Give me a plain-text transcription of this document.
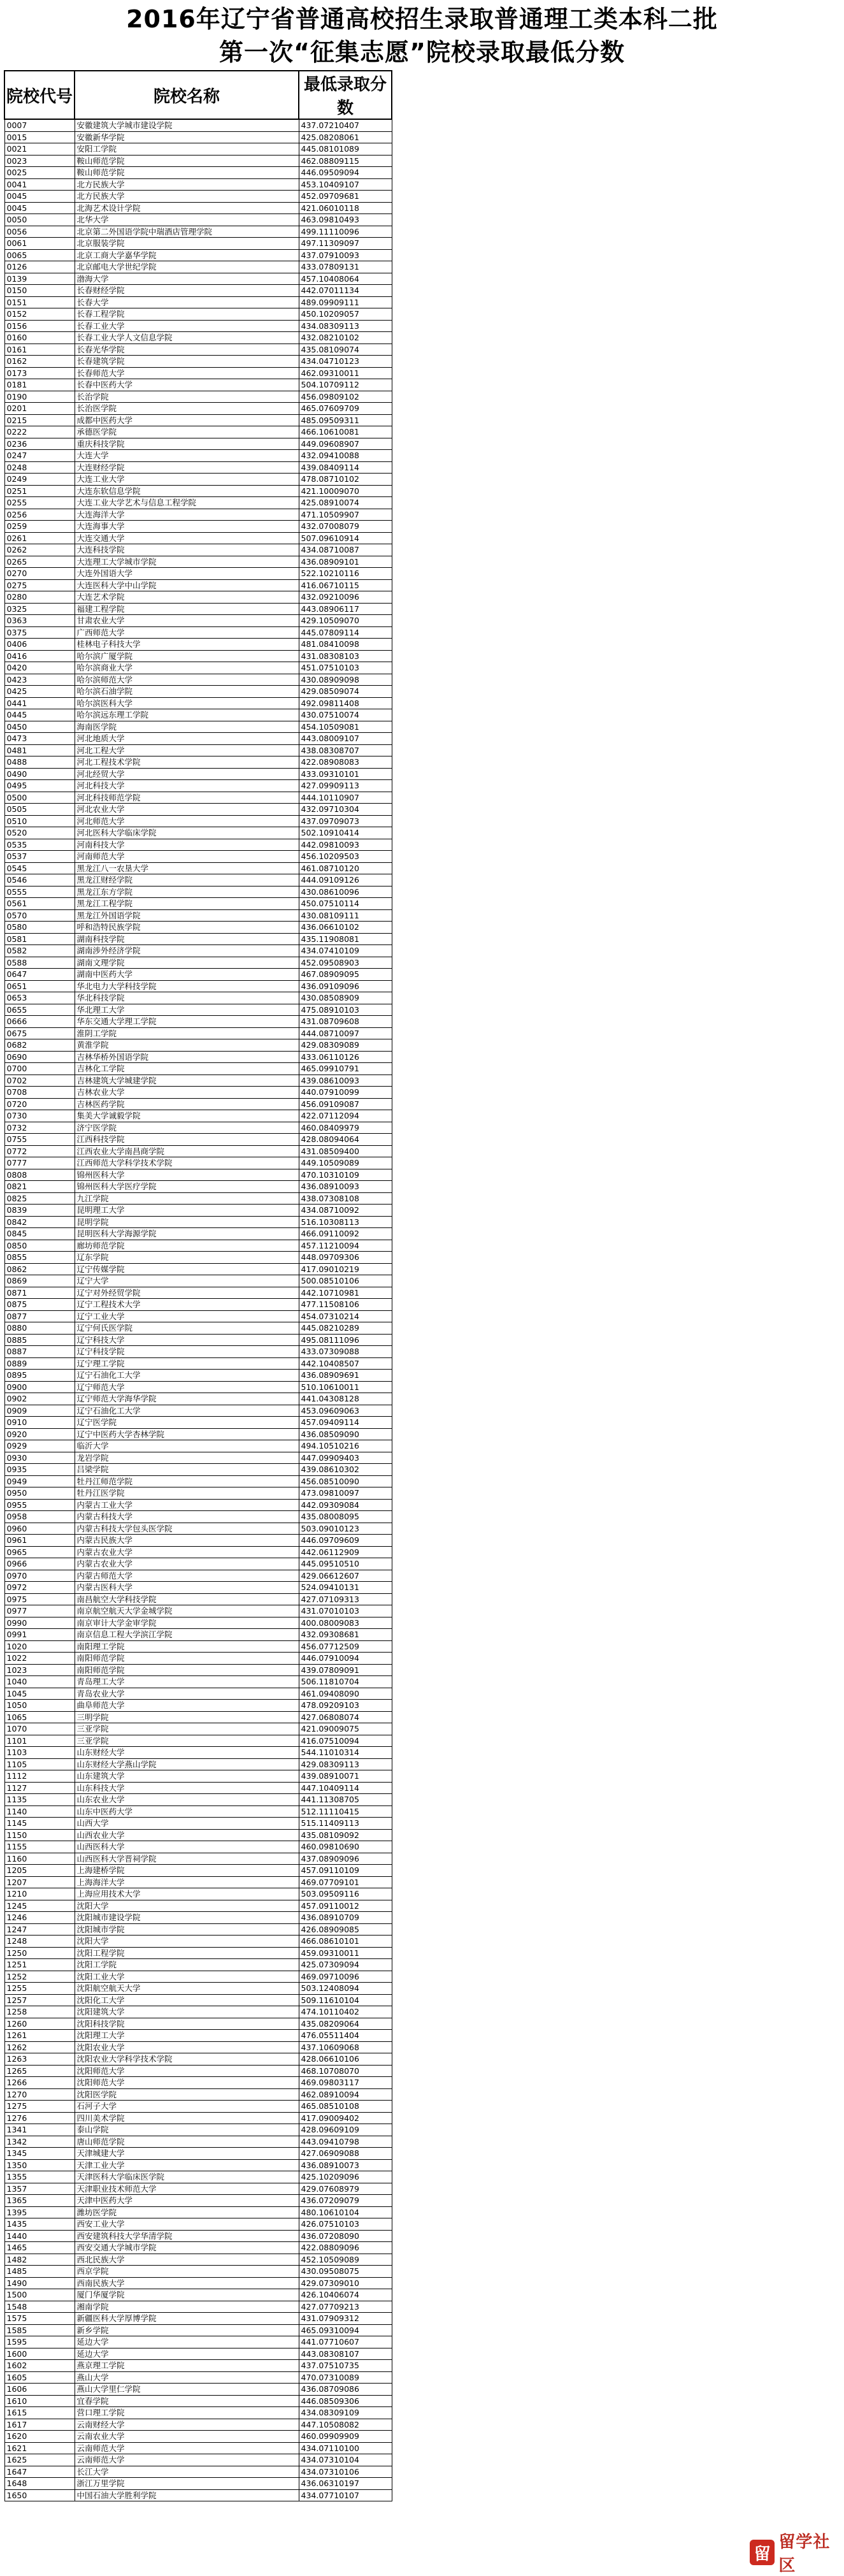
2016年辽宁省普通高校招生录取普通理工类本科二批
第一次“征集志愿”院校录取最低分数
院校代号	院校名称	最低录取分数
0007	安徽建筑大学城市建设学院	437.07210407
0015	安徽新华学院	425.08208061
0021	安阳工学院	445.08101089
0023	鞍山师范学院	462.08809115
0025	鞍山师范学院	446.09509094
0041	北方民族大学	453.10409107
0045	北方民族大学	452.09709681
0045	北海艺术设计学院	421.06010118
0050	北华大学	463.09810493
0056	北京第二外国语学院中瑞酒店管理学院	499.11110096
0061	北京服装学院	497.11309097
0065	北京工商大学嘉华学院	437.07910093
0126	北京邮电大学世纪学院	433.07809131
0139	渤海大学	457.10408064
0150	长春财经学院	442.07011134
0151	长春大学	489.09909111
0152	长春工程学院	450.10209057
0156	长春工业大学	434.08309113
0160	长春工业大学人文信息学院	432.08210102
0161	长春光华学院	435.08109074
0162	长春建筑学院	434.04710123
0173	长春师范大学	462.09310011
0181	长春中医药大学	504.10709112
0190	长治学院	456.09809102
0201	长治医学院	465.07609709
0215	成都中医药大学	485.09509311
0222	承德医学院	466.10610081
0236	重庆科技学院	449.09608907
0247	大连大学	432.09410088
0248	大连财经学院	439.08409114
0249	大连工业大学	478.08710102
0251	大连东软信息学院	421.10009070
0255	大连工业大学艺术与信息工程学院	425.08910074
0256	大连海洋大学	471.10509907
0259	大连海事大学	432.07008079
0261	大连交通大学	507.09610914
0262	大连科技学院	434.08710087
0265	大连理工大学城市学院	436.08909101
0270	大连外国语大学	522.10210116
0275	大连医科大学中山学院	416.06710115
0280	大连艺术学院	432.09210096
0325	福建工程学院	443.08906117
0363	甘肃农业大学	429.10509070
0375	广西师范大学	445.07809114
0406	桂林电子科技大学	481.08410098
0416	哈尔滨广厦学院	431.08308103
0420	哈尔滨商业大学	451.07510103
0423	哈尔滨师范大学	430.08909098
0425	哈尔滨石油学院	429.08509074
0441	哈尔滨医科大学	492.09811408
0445	哈尔滨远东理工学院	430.07510074
0450	海南医学院	454.10509081
0473	河北地质大学	443.08009107
0481	河北工程大学	438.08308707
0488	河北工程技术学院	422.08908083
0490	河北经贸大学	433.09310101
0495	河北科技大学	427.09909113
0500	河北科技师范学院	444.10110907
0505	河北农业大学	432.09710304
0510	河北师范大学	437.09709073
0520	河北医科大学临床学院	502.10910414
0535	河南科技大学	442.09810093
0537	河南师范大学	456.10209503
0545	黑龙江八一农垦大学	461.08710120
0546	黑龙江财经学院	444.09109126
0555	黑龙江东方学院	430.08610096
0561	黑龙江工程学院	450.07510114
0570	黑龙江外国语学院	430.08109111
0580	呼和浩特民族学院	436.06610102
0581	湖南科技学院	435.11908081
0582	湖南涉外经济学院	434.07410109
0588	湖南文理学院	452.09508903
0647	湖南中医药大学	467.08909095
0651	华北电力大学科技学院	436.09109096
0653	华北科技学院	430.08508909
0655	华北理工大学	475.08910103
0666	华东交通大学理工学院	431.08709608
0675	淮阴工学院	444.08710097
0682	黄淮学院	429.08309089
0690	吉林华桥外国语学院	433.06110126
0700	吉林化工学院	465.09910791
0702	吉林建筑大学城建学院	439.08610093
0708	吉林农业大学	440.07910099
0720	吉林医药学院	456.09109087
0730	集美大学诚毅学院	422.07112094
0732	济宁医学院	460.08409979
0755	江西科技学院	428.08094064
0772	江西农业大学南昌商学院	431.08509400
0777	江西师范大学科学技术学院	449.10509089
0808	锦州医科大学	470.10310109
0821	锦州医科大学医疗学院	436.08910093
0825	九江学院	438.07308108
0839	昆明理工大学	434.08710092
0842	昆明学院	516.10308113
0845	昆明医科大学海源学院	466.09110092
0850	廊坊师范学院	457.11210094
0855	辽东学院	448.09709306
0862	辽宁传媒学院	417.09010219
0869	辽宁大学	500.08510106
0871	辽宁对外经贸学院	442.10710981
0875	辽宁工程技术大学	477.11508106
0877	辽宁工业大学	454.07310214
0880	辽宁何氏医学院	445.08210289
0885	辽宁科技大学	495.08111096
0887	辽宁科技学院	433.07309088
0889	辽宁理工学院	442.10408507
0895	辽宁石油化工大学	436.08909691
0900	辽宁师范大学	510.10610011
0902	辽宁师范大学海华学院	441.04308128
0909	辽宁石油化工大学	453.09609063
0910	辽宁医学院	457.09409114
0920	辽宁中医药大学杏林学院	436.08509090
0929	临沂大学	494.10510216
0930	龙岩学院	447.09909403
0935	吕梁学院	439.08610302
0949	牡丹江师范学院	456.08510090
0950	牡丹江医学院	473.09810097
0955	内蒙古工业大学	442.09309084
0958	内蒙古科技大学	435.08008095
0960	内蒙古科技大学包头医学院	503.09010123
0961	内蒙古民族大学	446.09709609
0965	内蒙古农业大学	442.06112909
0966	内蒙古农业大学	445.09510510
0970	内蒙古师范大学	429.06612607
0972	内蒙古医科大学	524.09410131
0975	南昌航空大学科技学院	427.07109313
0977	南京航空航天大学金城学院	431.07010103
0990	南京审计大学金审学院	400.08009083
0991	南京信息工程大学滨江学院	432.09308681
1020	南阳理工学院	456.07712509
1022	南阳师范学院	446.07910094
1023	南阳师范学院	439.07809091
1040	青岛理工大学	506.11810704
1045	青岛农业大学	461.09408090
1050	曲阜师范大学	478.09209103
1065	三明学院	427.06808074
1070	三亚学院	421.09009075
1101	三亚学院	416.07510094
1103	山东财经大学	544.11010314
1105	山东财经大学燕山学院	429.08309113
1112	山东建筑大学	439.08910071
1127	山东科技大学	447.10409114
1135	山东农业大学	441.11308705
1140	山东中医药大学	512.11110415
1145	山西大学	515.11409113
1150	山西农业大学	435.08109092
1155	山西医科大学	460.09810690
1160	山西医科大学晋祠学院	437.08909096
1205	上海建桥学院	457.09110109
1207	上海海洋大学	469.07709101
1210	上海应用技术大学	503.09509116
1245	沈阳大学	457.09110012
1246	沈阳城市建设学院	436.08910709
1247	沈阳城市学院	426.08909085
1248	沈阳大学	466.08610101
1250	沈阳工程学院	459.09310011
1251	沈阳工学院	425.07309094
1252	沈阳工业大学	469.09710096
1255	沈阳航空航天大学	503.12408094
1257	沈阳化工大学	509.11610104
1258	沈阳建筑大学	474.10110402
1260	沈阳科技学院	435.08209064
1261	沈阳理工大学	476.05511404
1262	沈阳农业大学	437.10609068
1263	沈阳农业大学科学技术学院	428.06610106
1265	沈阳师范大学	468.10708070
1266	沈阳师范大学	469.09803117
1270	沈阳医学院	462.08910094
1275	石河子大学	465.08510108
1276	四川美术学院	417.09009402
1341	泰山学院	428.09609109
1342	唐山师范学院	443.09410798
1345	天津城建大学	427.06909088
1350	天津工业大学	436.08910073
1355	天津医科大学临床医学院	425.10209096
1357	天津职业技术师范大学	429.07608979
1365	天津中医药大学	436.07209079
1395	潍坊医学院	480.10610104
1435	西安工业大学	426.07510103
1440	西安建筑科技大学华清学院	436.07208090
1465	西安交通大学城市学院	422.08809096
1482	西北民族大学	452.10509089
1485	西京学院	430.09508075
1490	西南民族大学	429.07309010
1500	厦门华厦学院	426.10406074
1548	湘南学院	427.07709213
1575	新疆医科大学厚博学院	431.07909312
1585	新乡学院	465.09310094
1595	延边大学	441.07710607
1600	延边大学	443.08308107
1602	燕京理工学院	437.07510735
1605	燕山大学	470.07310089
1606	燕山大学里仁学院	436.08709086
1610	宜春学院	446.08509306
1615	营口理工学院	434.08309109
1617	云南财经大学	447.10508082
1620	云南农业大学	460.09909909
1621	云南师范大学	434.07110100
1625	云南师范大学	434.07310104
1647	长江大学	434.07310106
1648	浙江万里学院	436.06310197
1650	中国石油大学胜利学院	434.07710107
留
留学社区
